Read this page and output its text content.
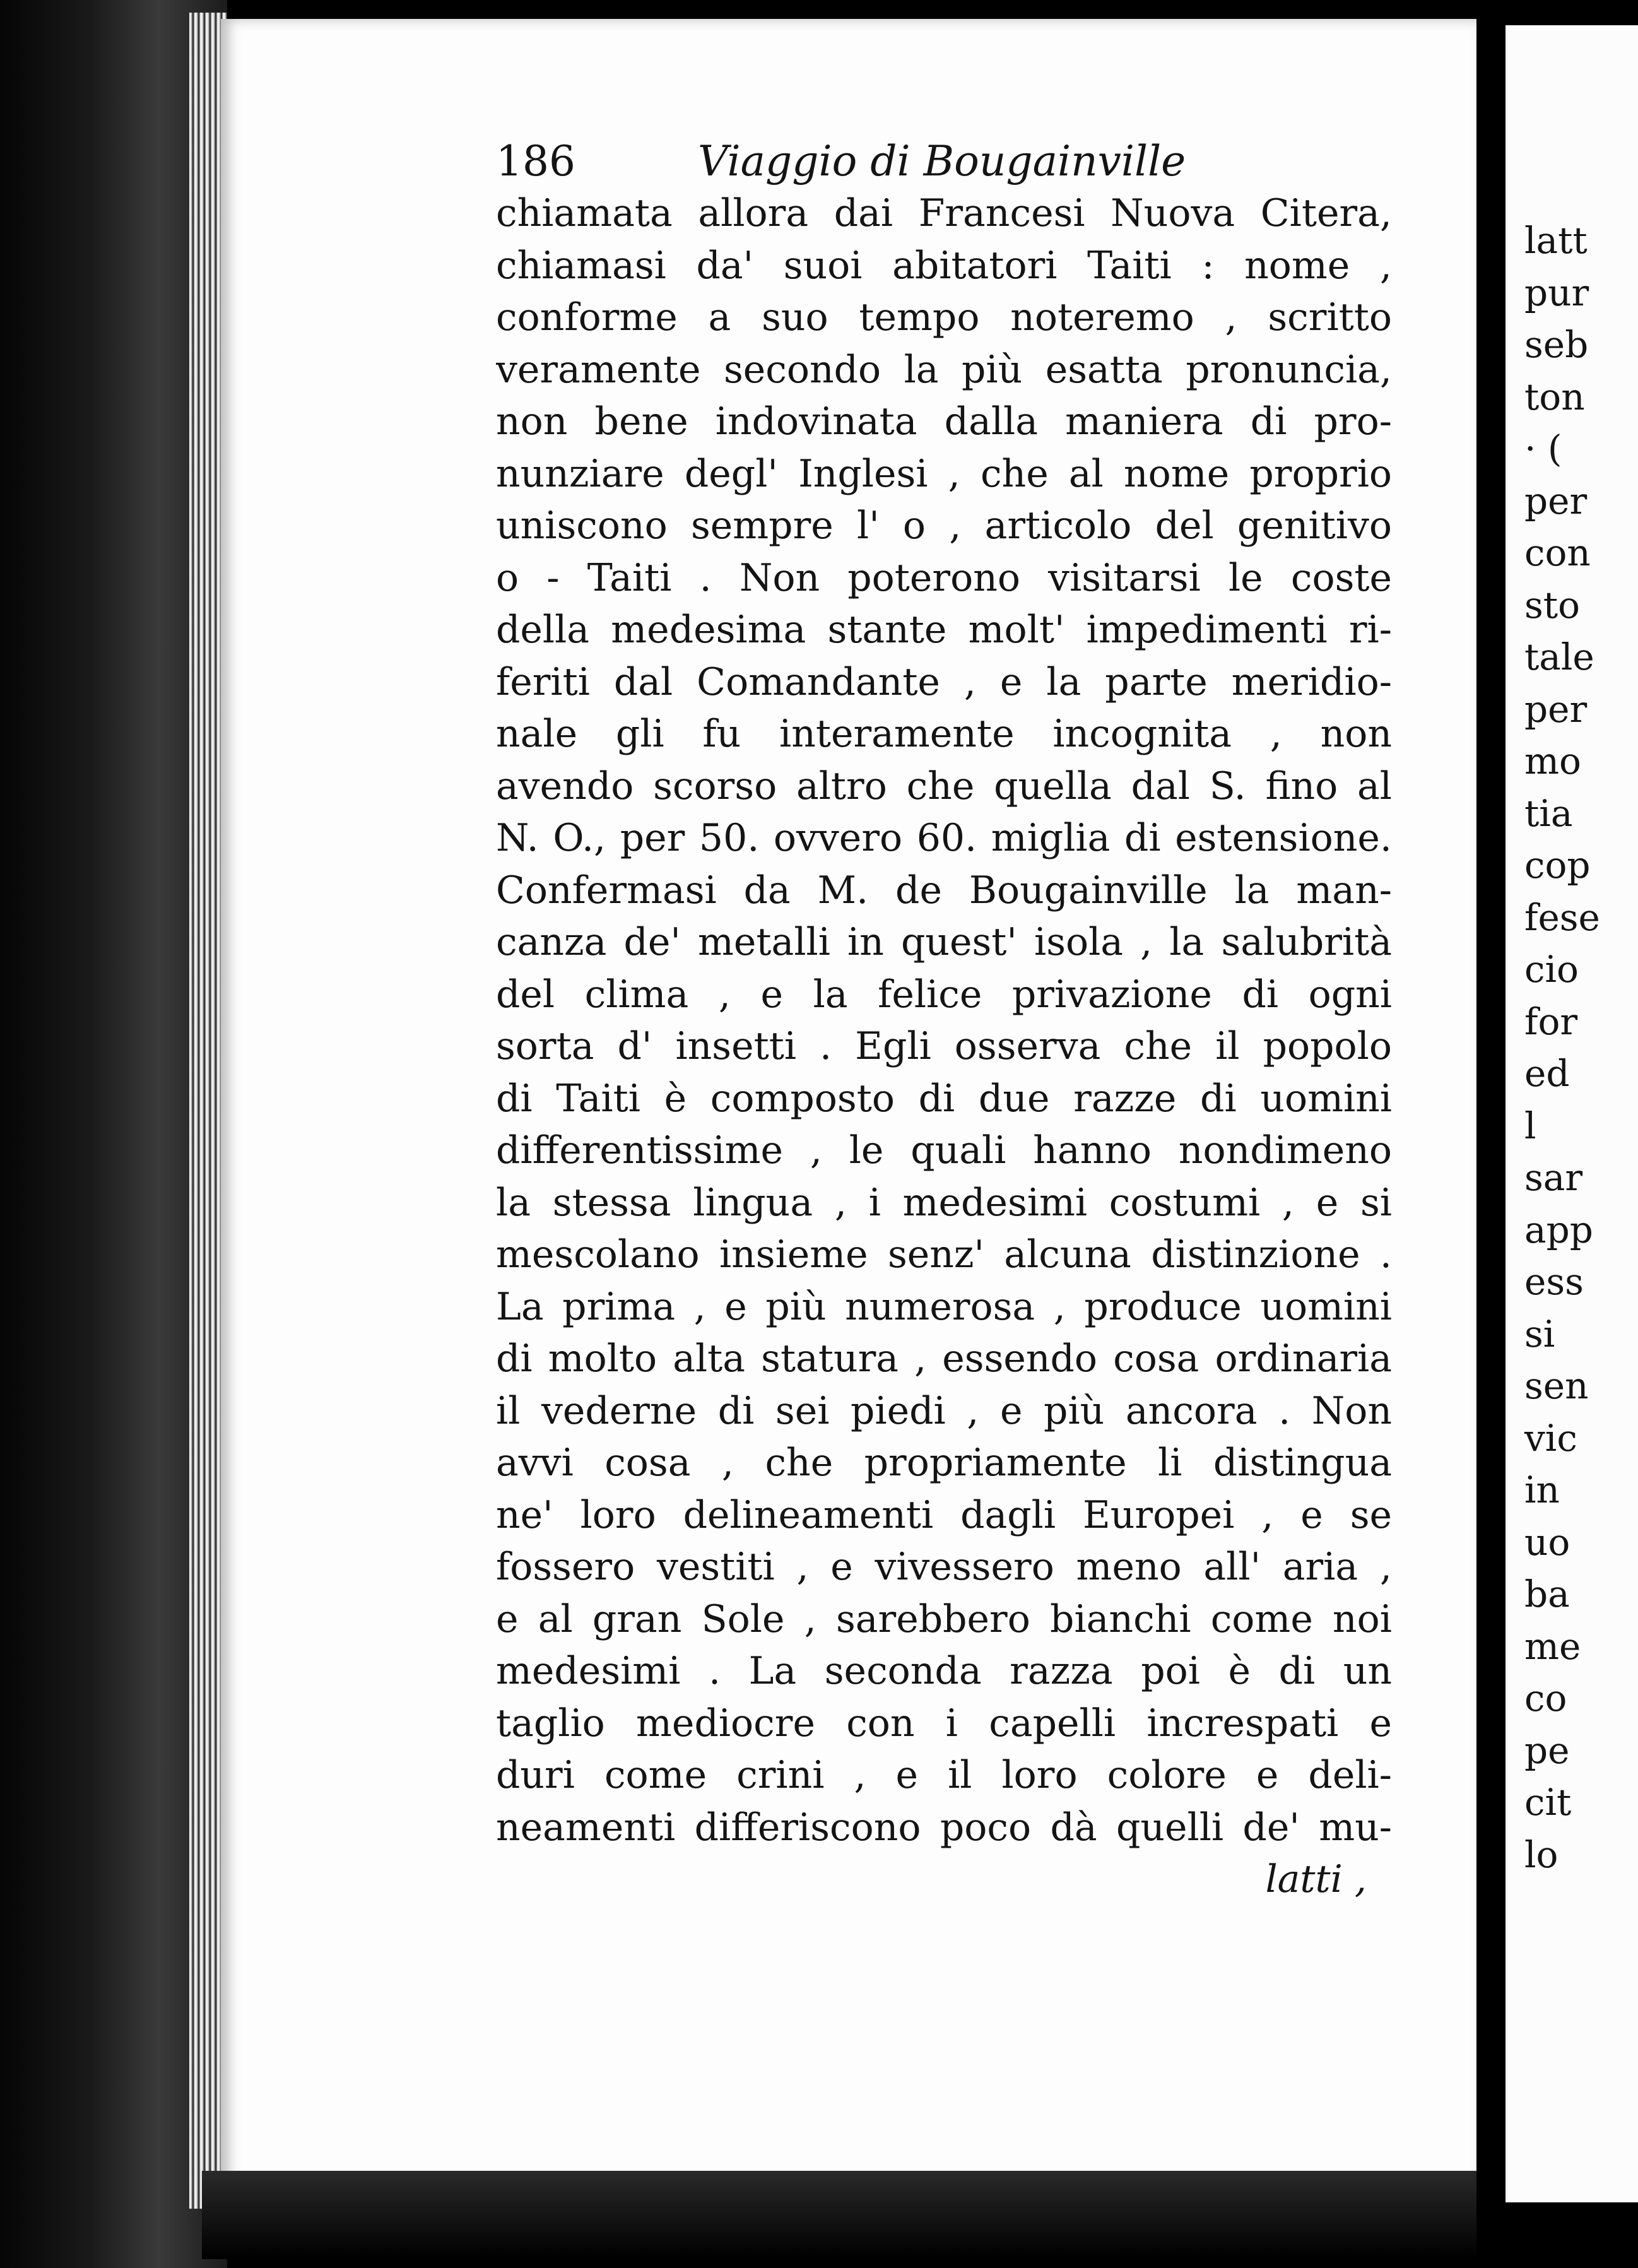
latt
pur
seb
ton
· (
per
con
sto
tale
per
mo
tia
cop
fese
cio
for
ed
l
sar
app
ess
si
sen
vic
in
uo
ba
me
co
pe
cit
lo
186	Viaggio di Bougainville
chiamata allora dai Francesi Nuova Citera,
chiamasi da' suoi abitatori Taiti : nome ,
conforme a suo tempo noteremo , scritto
veramente secondo la più esatta pronuncia,
non bene indovinata dalla maniera di pro-
nunziare degl' Inglesi , che al nome proprio
uniscono sempre l' o , articolo del genitivo
o - Taiti . Non poterono visitarsi le coste
della medesima stante molt' impedimenti ri-
feriti dal Comandante , e la parte meridio-
nale gli fu interamente incognita , non
avendo scorso altro che quella dal S. fino al
N. O., per 50. ovvero 60. miglia di estensione.
Confermasi da M. de Bougainville la man-
canza de' metalli in quest' isola , la salubrità
del clima , e la felice privazione di ogni
sorta d' insetti . Egli osserva che il popolo
di Taiti è composto di due razze di uomini
differentissime , le quali hanno nondimeno
la stessa lingua , i medesimi costumi , e si
mescolano insieme senz' alcuna distinzione .
La prima , e più numerosa , produce uomini
di molto alta statura , essendo cosa ordinaria
il vederne di sei piedi , e più ancora . Non
avvi cosa , che propriamente li distingua
ne' loro delineamenti dagli Europei , e se
fossero vestiti , e vivessero meno all' aria ,
e al gran Sole , sarebbero bianchi come noi
medesimi . La seconda razza poi è di un
taglio mediocre con i capelli increspati e
duri come crini , e il loro colore e deli-
neamenti differiscono poco dà quelli de' mu-
latti ,
